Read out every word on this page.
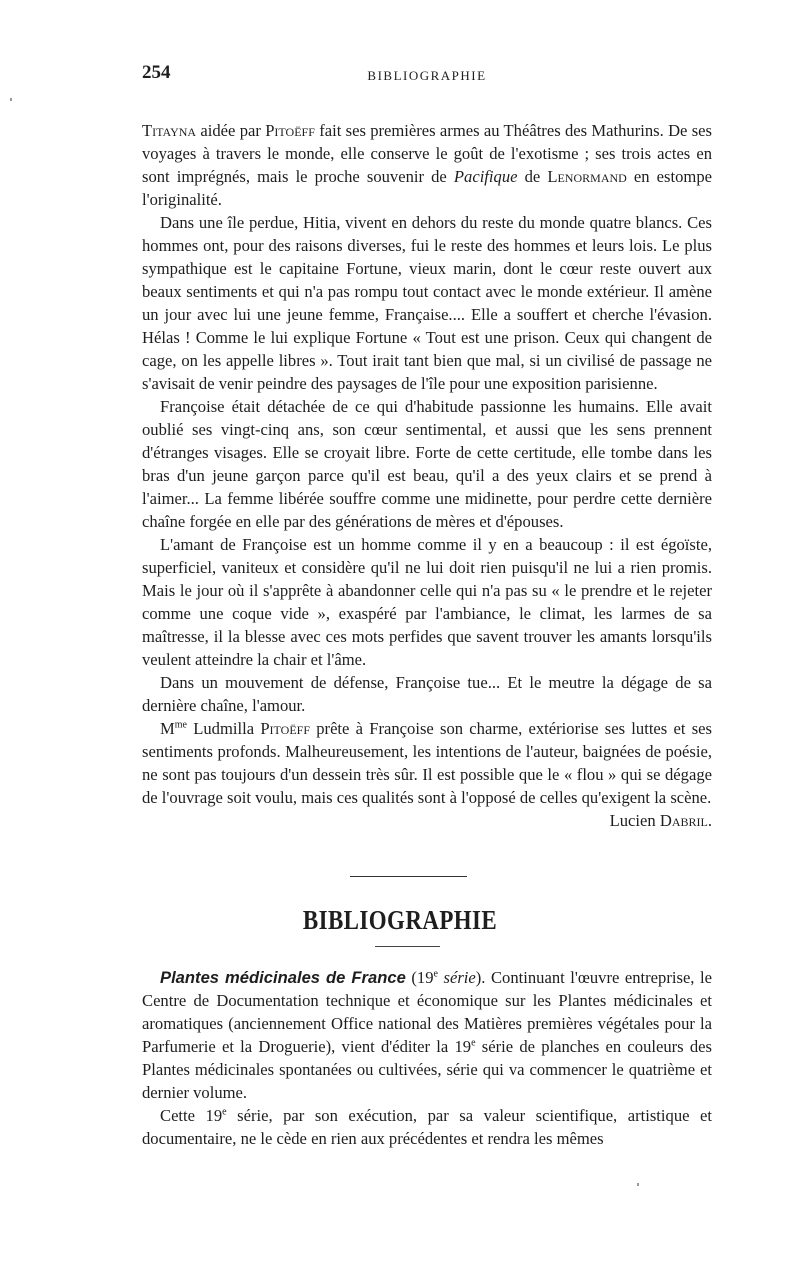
254	BIBLIOGRAPHIE

Titayna aidée par Pitoëff fait ses premières armes au Théâtres des Mathurins. De ses voyages à travers le monde, elle conserve le goût de l'exotisme ; ses trois actes en sont imprégnés, mais le proche souvenir de Pacifique de Lenormand en estompe l'originalité.

Dans une île perdue, Hitia, vivent en dehors du reste du monde quatre blancs. Ces hommes ont, pour des raisons diverses, fui le reste des hommes et leurs lois. Le plus sympathique est le capitaine Fortune, vieux marin, dont le cœur reste ouvert aux beaux sentiments et qui n'a pas rompu tout contact avec le monde extérieur. Il amène un jour avec lui une jeune femme, Française.... Elle a souffert et cherche l'évasion. Hélas ! Comme le lui explique Fortune « Tout est une prison. Ceux qui changent de cage, on les appelle libres ». Tout irait tant bien que mal, si un civilisé de passage ne s'avisait de venir peindre des paysages de l'île pour une exposition parisienne.

Françoise était détachée de ce qui d'habitude passionne les humains. Elle avait oublié ses vingt-cinq ans, son cœur sentimental, et aussi que les sens prennent d'étranges visages. Elle se croyait libre. Forte de cette certitude, elle tombe dans les bras d'un jeune garçon parce qu'il est beau, qu'il a des yeux clairs et se prend à l'aimer... La femme libérée souffre comme une midinette, pour perdre cette dernière chaîne forgée en elle par des générations de mères et d'épouses.

L'amant de Françoise est un homme comme il y en a beaucoup : il est égoïste, superficiel, vaniteux et considère qu'il ne lui doit rien puisqu'il ne lui a rien promis. Mais le jour où il s'apprête à abandonner celle qui n'a pas su « le prendre et le rejeter comme une coque vide », exaspéré par l'ambiance, le climat, les larmes de sa maîtresse, il la blesse avec ces mots perfides que savent trouver les amants lorsqu'ils veulent atteindre la chair et l'âme.

Dans un mouvement de défense, Françoise tue... Et le meutre la dégage de sa dernière chaîne, l'amour.

$M^{me}$ Ludmilla Pitoëff prête à Françoise son charme, extériorise ses luttes et ses sentiments profonds. Malheureusement, les intentions de l'auteur, baignées de poésie, ne sont pas toujours d'un dessein très sûr. Il est possible que le « flou » qui se dégage de l'ouvrage soit voulu, mais ces qualités sont à l'opposé de celles qu'exigent la scène.
Lucien Dabril.

BIBLIOGRAPHIE

Plantes médicinales de France (19e série). Continuant l'œuvre entreprise, le Centre de Documentation technique et économique sur les Plantes médicinales et aromatiques (anciennement Office national des Matières premières végétales pour la Parfumerie et la Droguerie), vient d'éditer la 19e série de planches en couleurs des Plantes médicinales spontanées ou cultivées, série qui va commencer le quatrième et dernier volume.

Cette 19e série, par son exécution, par sa valeur scientifique, artistique et documentaire, ne le cède en rien aux précédentes et rendra les mêmes
